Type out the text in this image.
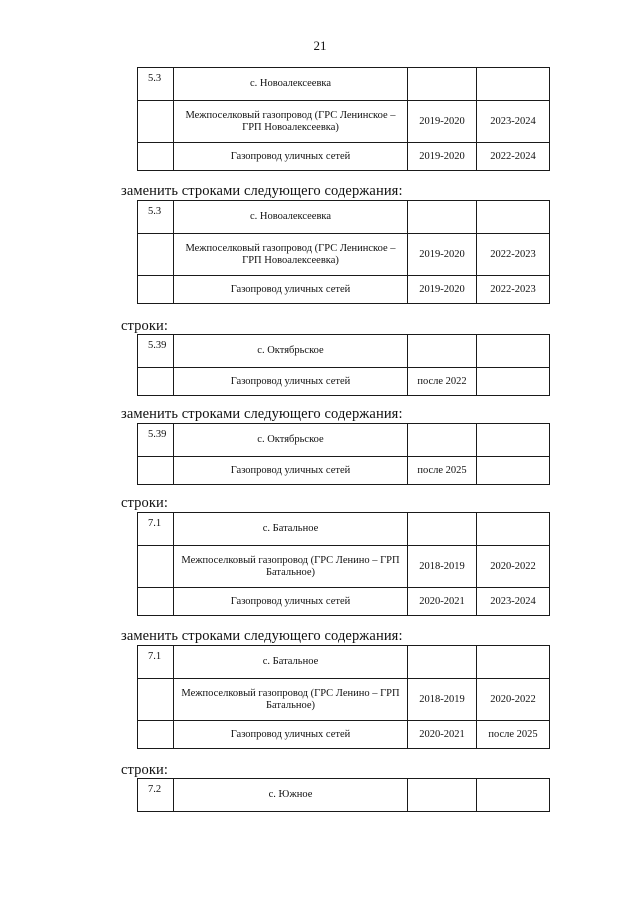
21
5.3	с. Новоалексеевка		
	Межпоселковый газопровод (ГРС Ленинское – ГРП Новоалексеевка)	2019-2020	2023-2024
	Газопровод уличных сетей	2019-2020	2022-2024
заменить строками следующего содержания:
5.3	с. Новоалексеевка		
	Межпоселковый газопровод (ГРС Ленинское – ГРП Новоалексеевка)	2019-2020	2022-2023
	Газопровод уличных сетей	2019-2020	2022-2023
строки:
5.39	с. Октябрьское		
	Газопровод уличных сетей	после 2022	
заменить строками следующего содержания:
5.39	с. Октябрьское		
	Газопровод уличных сетей	после 2025	
строки:
7.1	с. Батальное		
	Межпоселковый газопровод (ГРС Ленино – ГРП Батальное)	2018-2019	2020-2022
	Газопровод уличных сетей	2020-2021	2023-2024
заменить строками следующего содержания:
7.1	с. Батальное		
	Межпоселковый газопровод (ГРС Ленино – ГРП Батальное)	2018-2019	2020-2022
	Газопровод уличных сетей	2020-2021	после 2025
строки:
7.2	с. Южное		
